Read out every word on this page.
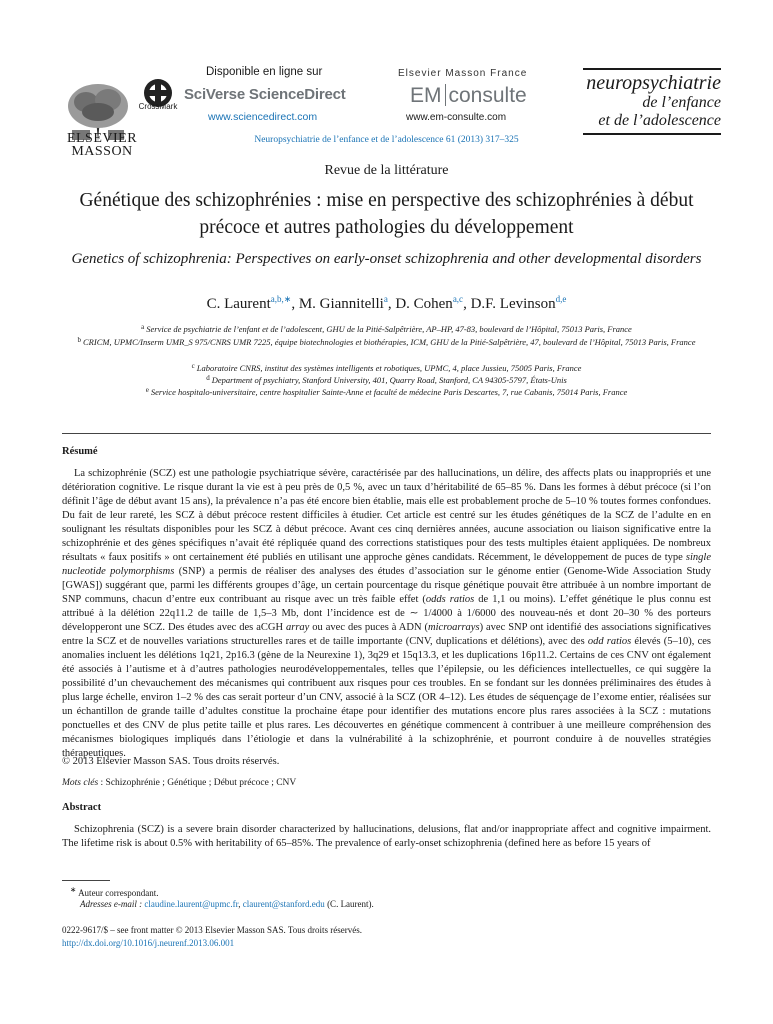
ELSEVIER MASSON
CrossMark
Disponible en ligne sur
SciVerse ScienceDirect
www.sciencedirect.com
Elsevier Masson France
EM consulte
www.em-consulte.com
neuropsychiatrie
de l’enfance
et de l’adolescence
Neuropsychiatrie de l’enfance et de l’adolescence 61 (2013) 317–325
Revue de la littérature
Génétique des schizophrénies : mise en perspective des schizophrénies à début précoce et autres pathologies du développement
Genetics of schizophrenia: Perspectives on early-onset schizophrenia and other developmental disorders
C. Laurent$^{a,b,∗}$, M. Giannitelli$^a$, D. Cohen$^{a,c}$, D.F. Levinson$^{d,e}$
$^a$ Service de psychiatrie de l’enfant et de l’adolescent, GHU de la Pitié-Salpêtrière, AP–HP, 47-83, boulevard de l’Hôpital, 75013 Paris, France
$^b$ CRICM, UPMC/Inserm UMR_S 975/CNRS UMR 7225, équipe biotechnologies et biothérapies, ICM, GHU de la Pitié-Salpêtrière, 47, boulevard de l’Hôpital, 75013 Paris, France
$^c$ Laboratoire CNRS, institut des systèmes intelligents et robotiques, UPMC, 4, place Jussieu, 75005 Paris, France
$^d$ Department of psychiatry, Stanford University, 401, Quarry Road, Stanford, CA 94305-5797, États-Unis
$^e$ Service hospitalo-universitaire, centre hospitalier Sainte-Anne et faculté de médecine Paris Descartes, 7, rue Cabanis, 75014 Paris, France
Résumé
La schizophrénie (SCZ) est une pathologie psychiatrique sévère, caractérisée par des hallucinations, un délire, des affects plats ou inappropriés et une détérioration cognitive. Le risque durant la vie est à peu près de 0,5 %, avec un taux d’héritabilité de 65–85 %. Dans les formes à début précoce (si l’on définit l’âge de début avant 15 ans), la prévalence n’a pas été encore bien établie, mais elle est probablement proche de 5–10 % toutes formes confondues. Du fait de leur rareté, les SCZ à début précoce restent difficiles à étudier. Cet article est centré sur les études génétiques de la SCZ de l’adulte en en soulignant les résultats disponibles pour les SCZ à début précoce. Avant ces cinq dernières années, aucune association ou liaison significative entre la schizophrénie et des gènes spécifiques n’avait été répliquée quand des corrections statistiques pour des tests multiples étaient appliquées. De nombreux résultats « faux positifs » ont certainement été publiés en utilisant une approche gènes candidats. Récemment, le développement de puces de type single nucleotide polymorphisms (SNP) a permis de réaliser des analyses des études d’association sur le génome entier (Genome-Wide Association Study [GWAS]) suggérant que, parmi les différents groupes d’âge, un certain pourcentage du risque génétique pouvait être attribuée à un nombre important de SNP communs, chacun d’entre eux contribuant au risque avec un très faible effet (odds ratios de 1,1 ou moins). L’effet génétique le plus connu est attribué à la délétion 22q11.2 de taille de 1,5–3 Mb, dont l’incidence est de ∼ 1/4000 à 1/6000 des nouveau-nés et dont 20–30 % des porteurs développeront une SCZ. Des études avec des aCGH array ou avec des puces à ADN (microarrays) avec SNP ont identifié des associations significatives entre la SCZ et de nouvelles variations structurelles rares et de taille importante (CNV, duplications et délétions), avec des odd ratios élevés (5–10), ces anomalies incluent les délétions 1q21, 2p16.3 (gène de la Neurexine 1), 3q29 et 15q13.3, et les duplications 16p11.2. Certains de ces CNV ont également été associés à l’autisme et à d’autres pathologies neurodéveloppementales, telles que l’épilepsie, ou les déficiences intellectuelles, ce qui suggère la possibilité d’un chevauchement des mécanismes qui contribuent aux risques pour ces troubles. En se fondant sur les données préliminaires des études à plus large échelle, environ 1–2 % des cas serait porteur d’un CNV, associé à la SCZ (OR 4–12). Les études de séquençage de l’exome entier, réalisées sur un échantillon de grande taille d’adultes constitue la prochaine étape pour identifier des mutations encore plus rares associées à la SCZ : mutations ponctuelles et des CNV de plus petite taille et plus rares. Les découvertes en génétique commencent à contribuer à une meilleure compréhension des mécanismes biologiques impliqués dans l’étiologie et dans la vulnérabilité à la schizophrénie, et pourront conduire à de nouvelles stratégies thérapeutiques.
© 2013 Elsevier Masson SAS. Tous droits réservés.
Mots clés : Schizophrénie ; Génétique ; Début précoce ; CNV
Abstract
Schizophrenia (SCZ) is a severe brain disorder characterized by hallucinations, delusions, flat and/or inappropriate affect and cognitive impairment. The lifetime risk is about 0.5% with heritability of 65–85%. The prevalence of early-onset schizophrenia (defined here as before 15 years of
∗ Auteur correspondant.
Adresses e-mail : claudine.laurent@upmc.fr, claurent@stanford.edu (C. Laurent).
0222-9617/$ – see front matter © 2013 Elsevier Masson SAS. Tous droits réservés.
http://dx.doi.org/10.1016/j.neurenf.2013.06.001
